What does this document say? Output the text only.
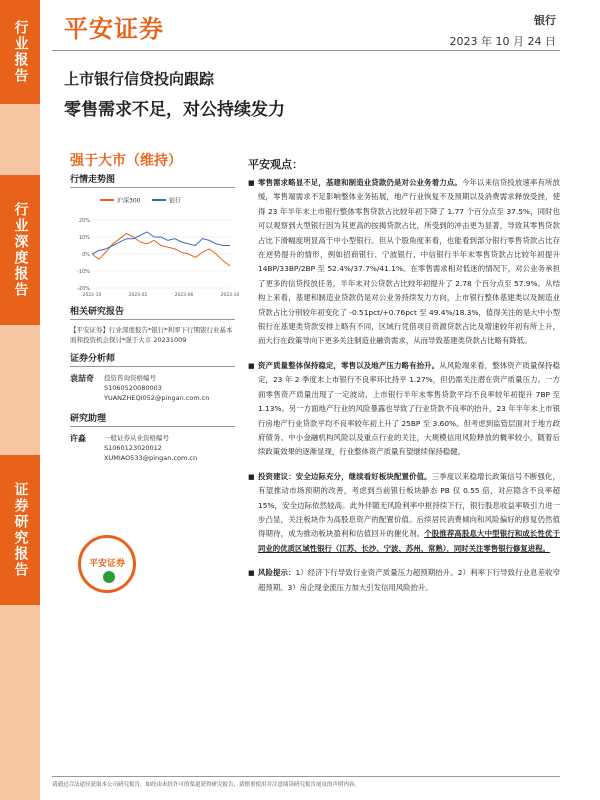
行业报告
行业深度报告
证券研究报告
平安证券	银行
2023 年 10 月 24 日
上市银行信贷投向跟踪
零售需求不足，对公持续发力
强于大市（维持）
行情走势图
沪深300	银行
20%
10%
0%
-10%
-20%
2022-10	2023-02	2023-06	2023-10
相关研究报告
【平安证券】行业深度报告*银行*利率下行期银行业基本面和投资机会探讨*强于大市 20231009
证券分析师
袁喆奇	投资咨询资格编号
S1060520080003
YUANZHEQI052@pingan.com.cn
研究助理
许淼	一般证券从业资格编号
S1060123020012
XUMIAO533@pingan.com.cn
平安证券
平安观点：
■ 零售需求略显不足，基建和制造业贷款仍是对公业务着力点。今年以来信贷投放速率有所放缓，零售端需求不足影响整体业务拓展，地产行业恢复不及预期以及消费需求释放受挫，使得 23 年半年末上市银行整体零售贷款占比较年初下降了 1.77 个百分点至 37.5%，同时也可以观察到大型银行因为其更高的按揭贷款占比，所受到的冲击更为显著，导致其零售贷款占比下滑幅度明显高于中小型银行。但从个股角度来看，也能看到部分银行零售贷款占比存在逆势提升的情形，例如招商银行、宁波银行、中信银行半年末零售贷款占比较年初提升 14BP/33BP/2BP 至 52.4%/37.7%/41.1%。在零售需求相对低迷的情况下，对公业务承担了更多的信贷投放任务，半年末对公贷款占比较年初提升了 2.78 个百分点至 57.9%。从结构上来看，基建和制造业贷款仍是对公业务持续发力方向，上市银行整体基建类以及制造业贷款占比分别较年初变化了 -0.51pct/+0.76pct 至 49.4%/18.3%，值得关注的是大中小型银行在基建类贷款安排上略有不同，区域行凭借项目资源贷款占比及增速较年初有所上升，而大行在政策导向下更多关注制造业融资需求，从而导致基建类贷款占比略有降低。
■ 资产质量整体保持稳定，零售以及地产压力略有抬升。从风险端来看，整体资产质量保持稳定，23 年 2 季度末上市银行不良率环比持平 1.27%，但仍需关注潜在资产质量压力。一方面零售资产质量出现了一定波动，上市银行半年末零售贷款平均不良率较年初提升 7BP 至 1.13%。另一方面地产行业的风险暴露也导致了行业贷款不良率的抬升，23 年半年末上市银行房地产行业贷款平均不良率较年初上升了 25BP 至 3.60%。但考虑到监管层面对于地方政府债务、中小金融机构风险以及重点行业的关注，大规模信用风险释放的概率较小，随着后续政策效果的逐渐显现，行业整体资产质量有望继续保持稳健。
■ 投资建议：安全边际充分，继续看好板块配置价值。三季度以来稳增长政策信号不断强化，有望推动市场预期的改善，考虑到当前银行板块静态 PB 仅 0.55 倍，对应隐含不良率超 15%，安全边际依然较高。此外伴随无风险利率中枢持续下行，银行股息收益率吸引力进一步凸显，关注板块作为高股息资产的配置价值。后续居民消费倾向和风险偏好的修复仍然值得期待，成为推动板块盈利和估值回升的催化剂。个股推荐高股息大中型银行和成长性优于同业的优质区域性银行（江苏、长沙、宁波、苏州、常熟），同时关注零售银行修复进程。
■ 风险提示：1）经济下行导致行业资产质量压力超预期抬升。2）利率下行导致行业息差收窄超预期。3）房企现金流压力加大引发信用风险抬升。
请通过合法途径获取本公司研究报告，如经由未经许可的渠道获得研究报告，请慎重使用并注意阅读研究报告尾页的声明内容。
